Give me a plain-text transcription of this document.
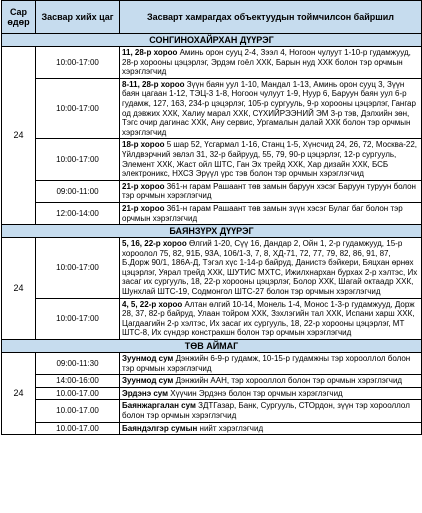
Сар өдөр	Засвар хийх цаг	Засварт хамрагдах объектуудын тоймчилсон байршил
СОНГИНОХАЙРХАН ДҮҮРЭГ		
24	10:00-17:00	11, 28-р хороо Аминь орон сууц 2-4, Зээл 4, Ногоон чулуут 1-10-р гудамжууд, 28-р хорооны цэцэрлэг, Эрдэм гоёл ХХК, Барын нуд ХХК болон тэр орчмын хэрэглэгчид
	10:00-17:00	8-11, 28-р хороо Зүүн баян уул 1-10, Мандал 1-13, Аминь орон сууц 3, Зүүн баян цагаан 1-12, ТЭЦ-3 1-8, Ногоон чулуут 1-9, Нуур 6, Баруун баян уул 6-р гудамж, 127, 163, 234-р цэцэрлэг, 105-р сургууль, 9-р хорооны цэцэрлэг, Гангар од дэвжих ХХК, Халиу марал ХХК, СҮХИЙРЭЭНИЙ ЭМ 3-р тэв, Дэлхийн зөн, Тэгс очир дагинас ХХК, Ану сервис, Ургамалын далай ХХК болон тэр орчмын хэрэглэгчид
	10:00-17:00	18-р хороо 5 шар 52, Үсгармал 1-16, Станц 1-5, Хүнсчид 24, 26, 72, Москва-22, Үйлдвэрчний эвлэл 31, 32-р байрууд, 55, 79, 90-р цэцэрлэг, 12-р сургууль, Элемент ХХК, Жаст ойл ШТС, Ган Эх трейд ХХК, Хар дизайн ХХК, БСБ электроникс, НХСЗ Эрүүл үрс тэв болон тэр орчмын хэрэглэгчид
	09:00-11:00	21-р хороо 361-н гарам Рашаант төв замын баруун хэсэг Баруун туруун болон тэр орчмын хэрэглэгчид
	12:00-14:00	21-р хороо 361-н гарам Рашаант төв замын зүүн хэсэг Булаг баг болон тэр орчмын хэрэглэгчид
БАЯНЗҮРХ ДҮҮРЭГ		
24	10:00-17:00	5, 16, 22-р хороо Өлгий 1-20, Сүү 16, Дандар 2, Ойн 1, 2-р гудамжууд, 15-р хороолол 75, 82, 91Б, 93А, 106/1-3, 7, 8, ХД-71, 72, 77, 79, 82, 86, 91, 87, Б.Дорж 90/1, 186А-Д, Тэгэл хүс 1-14-р байруд, Данистэ бэйкери, Бяцхан өрнөх цэцэрлэг, Уярал трейд ХХК, ШУТИС МХТС, Ижилхнархан бурхах 2-р хэлтэс, Их засаг их сургууль, 18, 22-р хорооны цэцэрлэг, Болор ХХК, Шагай октаадр ХХК, Шунхлай ШТС-19, Содмонгол ШТС-27 болон тэр орчмын хэрэглэгчид
	10:00-17:00	4, 5, 22-р хороо Алтан өлгий 10-14, Монель 1-4, Монос 1-3-р гудамжууд, Дорж 28, 37, 82-р байруд, Улаан тойром ХХК, Зэхлэгийн тал ХХК, Испани харш ХХК, Цагдаагийн 2-р хэлтэс, Их засаг их сургууль, 18, 22-р хорооны цэцэрлэг, МТ ШТС-8, Их сүндэр констракшн болон тэр орчмын хэрэглэгчид
ТӨВ АЙМАГ		
24	09:00-11:30	Зуунмод сум Дэнжийн 6-9-р гудамж, 10-15-р гудамжны тэр хорооллол болон тэр орчмын хэрэглэгчид
	14:00-16:00	Зуунмод сум Дэнжийн ААН, тэр хорооллол болон тэр орчмын хэрэглэгчид
	10.00-17.00	Эрдэнэ сум Хүүчин Эрдэнэ болон тэр орчмын хэрэглэгчид
	10.00-17.00	Баянжаргалан сум ЗДТГазар, Банк, Сургууль, СТОрдон, зүүн тэр хорооллол болон тэр орчмын хэрэглэгчид
	10.00-17.00	Баяндэлгэр сумын нийт хэрэглэгчид
